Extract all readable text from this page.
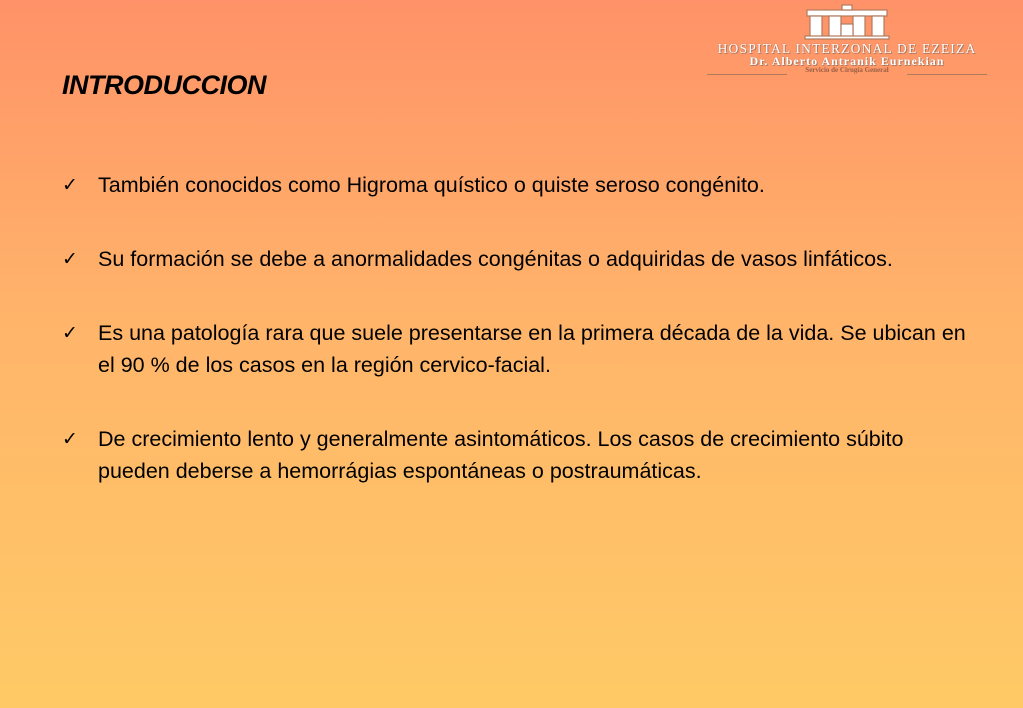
HOSPITAL INTERZONAL DE EZEIZA
Dr. Alberto Antranik Eurnekian
Servicio de Cirugía General
INTRODUCCION
✓ También conocidos como Higroma quístico o quiste seroso congénito.
✓ Su formación se debe a anormalidades congénitas o adquiridas de vasos linfáticos.
✓ Es una patología rara que suele presentarse en la primera década de la vida. Se ubican en el 90 % de los casos en la región cervico-facial.
✓ De crecimiento lento y generalmente asintomáticos. Los casos de crecimiento súbito pueden deberse a hemorrágias espontáneas o postraumáticas.
